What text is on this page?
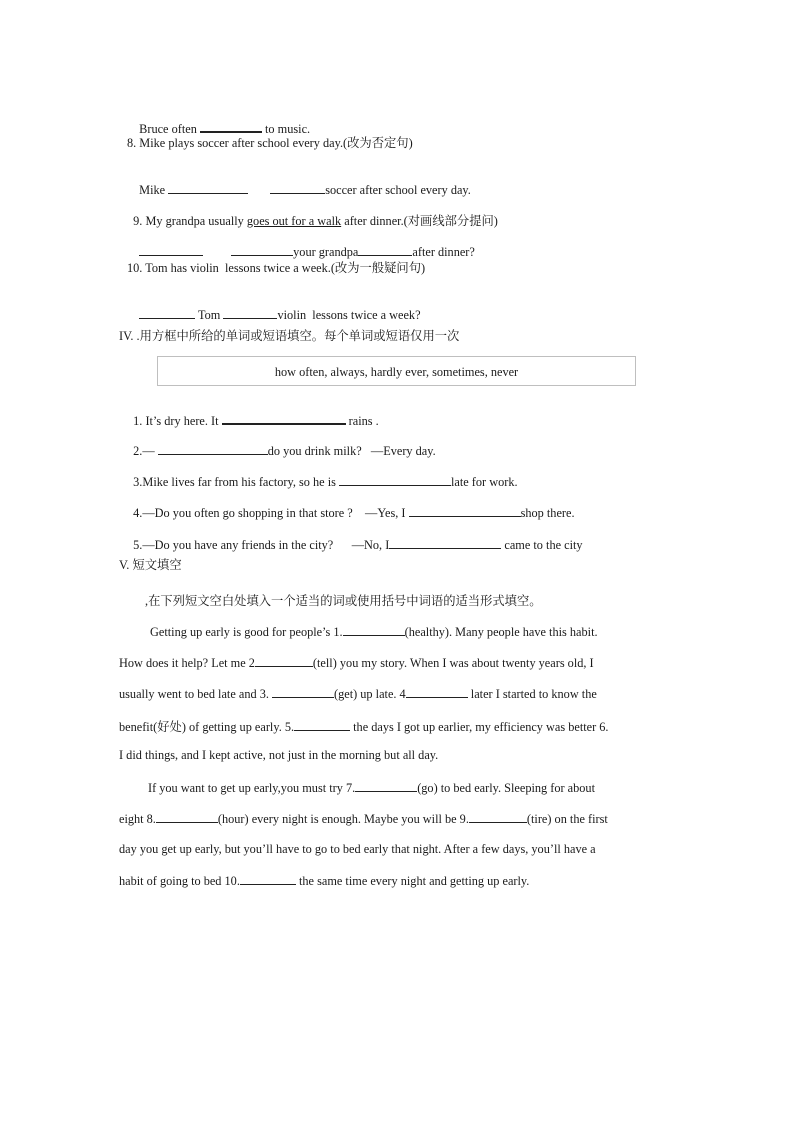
Bruce often	to music.

8. Mike plays soccer after school every day.(改为否定句)

Mike	soccer after school every day.

9. My grandpa usually goes out for a walk after dinner.(对画线部分提问)

your grandpa	after dinner?

10. Tom has violin  lessons twice a week.(改为一般疑问句)

Tom	violin  lessons twice a week?

IV. .用方框中所给的单词或短语填空。每个单词或短语仅用一次
how often, always, hardly ever, sometimes, never

1. It’s dry here. It	rains .

2.—	do you drink milk?   —Every day.

3.Mike lives far from his factory, so he is	late for work.

4.—Do you often go shopping in that store ?    —Yes, I	shop there.

5.—Do you have any friends in the city?      —No, I	came to the city

V. 短文填空
,在下列短文空白处填入一个适当的词或使用括号中词语的适当形式填空。
Getting up early is good for people’s 1.	(healthy). Many people have this habit.
How does it help? Let me 2	(tell) you my story. When I was about twenty years old, I
usually went to bed late and 3.	(get) up late. 4	later I started to know the
benefit(好处) of getting up early. 5.	the days I got up earlier, my efficiency was better 6.
I did things, and I kept active, not just in the morning but all day.
If you want to get up early,you must try 7.	(go) to bed early. Sleeping for about
eight 8.	(hour) every night is enough. Maybe you will be 9.	(tire) on the first
day you get up early, but you’ll have to go to bed early that night. After a few days, you’ll have a
habit of going to bed 10.	the same time every night and getting up early.
